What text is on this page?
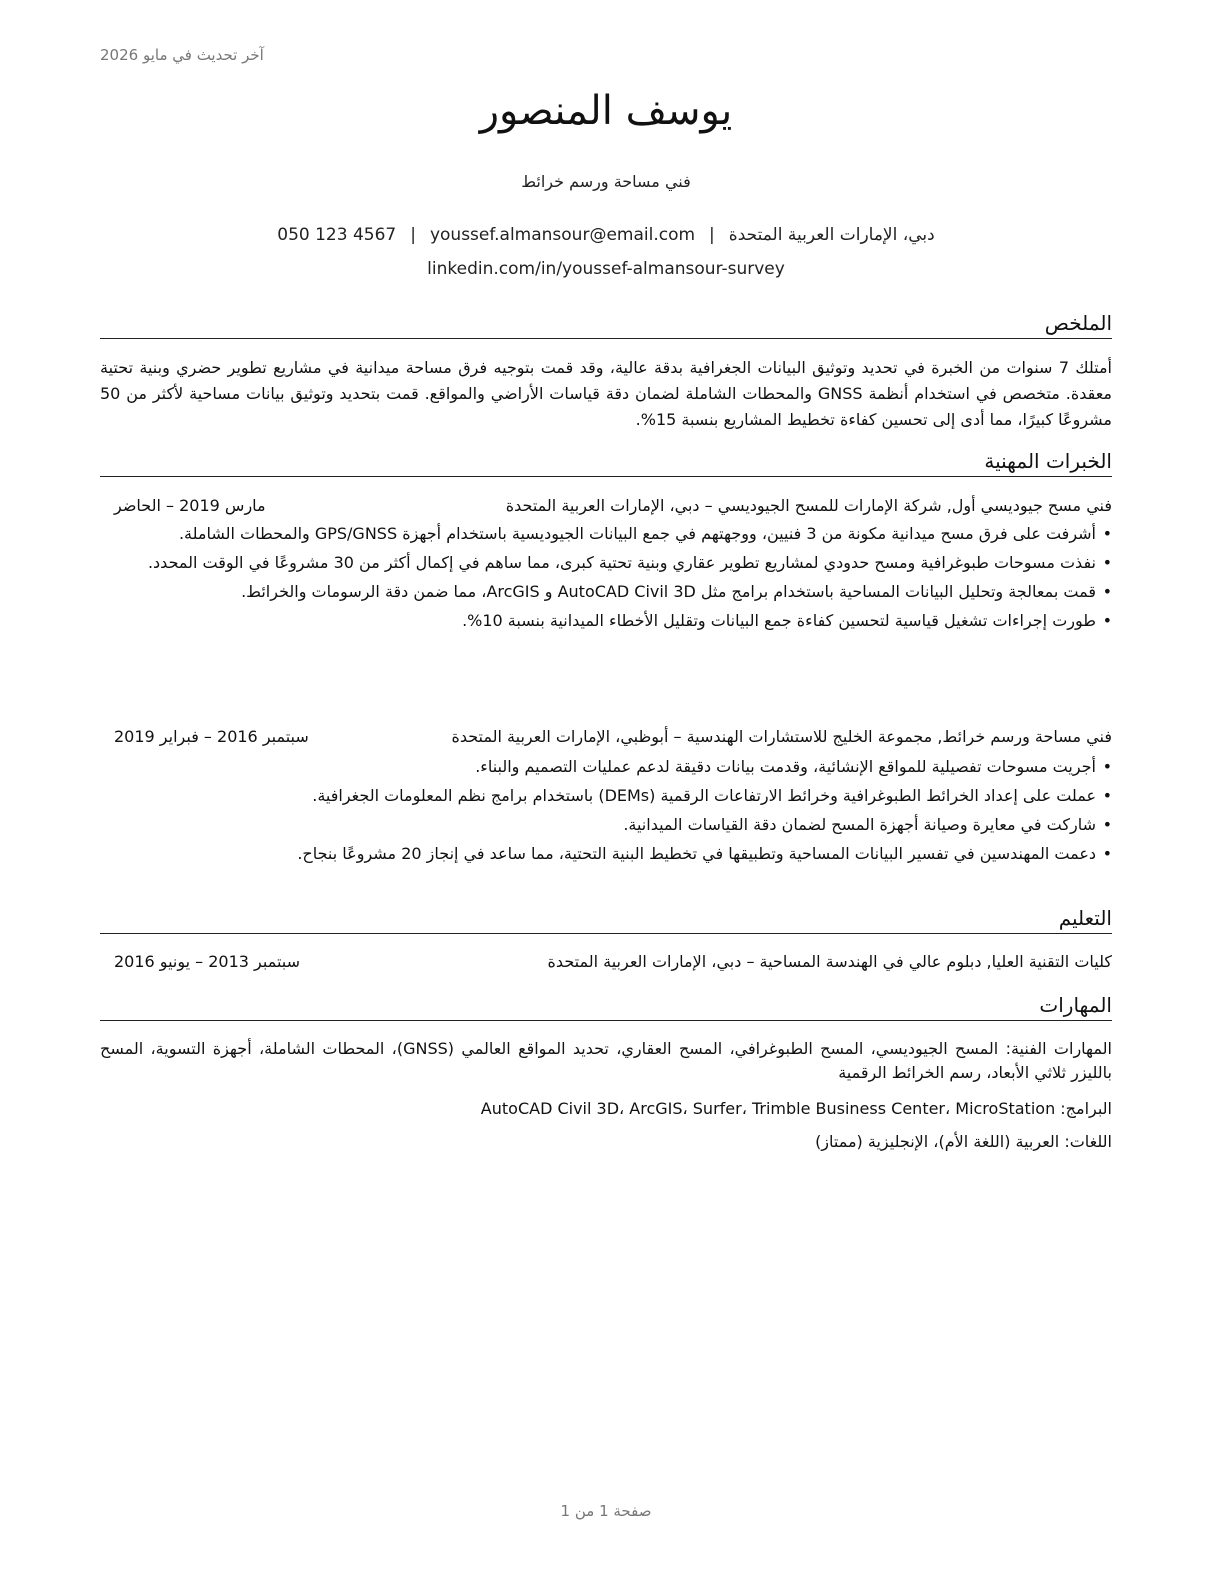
آخر تحديث في مايو 2026
يوسف المنصور
فني مساحة ورسم خرائط
دبي، الإمارات العربية المتحدة|youssef.almansour@email.com|050 123 4567
linkedin.com/in/youssef-almansour-survey
الملخص
أمتلك 7 سنوات من الخبرة في تحديد وتوثيق البيانات الجغرافية بدقة عالية، وقد قمت بتوجيه فرق مساحة ميدانية في مشاريع تطوير حضري وبنية تحتية معقدة. متخصص في استخدام أنظمة GNSS والمحطات الشاملة لضمان دقة قياسات الأراضي والمواقع. قمت بتحديد وتوثيق بيانات مساحية لأكثر من 50 مشروعًا كبيرًا، مما أدى إلى تحسين كفاءة تخطيط المشاريع بنسبة 15%.
الخبرات المهنية
فني مسح جيوديسي أول, شركة الإمارات للمسح الجيوديسي – دبي، الإمارات العربية المتحدة
مارس 2019 – الحاضر
• أشرفت على فرق مسح ميدانية مكونة من 3 فنيين، ووجهتهم في جمع البيانات الجيوديسية باستخدام أجهزة GPS/GNSS والمحطات الشاملة.
• نفذت مسوحات طبوغرافية ومسح حدودي لمشاريع تطوير عقاري وبنية تحتية كبرى، مما ساهم في إكمال أكثر من 30 مشروعًا في الوقت المحدد.
• قمت بمعالجة وتحليل البيانات المساحية باستخدام برامج مثل AutoCAD Civil 3D و ArcGIS، مما ضمن دقة الرسومات والخرائط.
• طورت إجراءات تشغيل قياسية لتحسين كفاءة جمع البيانات وتقليل الأخطاء الميدانية بنسبة 10%.
فني مساحة ورسم خرائط, مجموعة الخليج للاستشارات الهندسية – أبوظبي، الإمارات العربية المتحدة
سبتمبر 2016 – فبراير 2019
• أجريت مسوحات تفصيلية للمواقع الإنشائية، وقدمت بيانات دقيقة لدعم عمليات التصميم والبناء.
• عملت على إعداد الخرائط الطبوغرافية وخرائط الارتفاعات الرقمية (DEMs) باستخدام برامج نظم المعلومات الجغرافية.
• شاركت في معايرة وصيانة أجهزة المسح لضمان دقة القياسات الميدانية.
• دعمت المهندسين في تفسير البيانات المساحية وتطبيقها في تخطيط البنية التحتية، مما ساعد في إنجاز 20 مشروعًا بنجاح.
التعليم
كليات التقنية العليا, دبلوم عالي في الهندسة المساحية – دبي، الإمارات العربية المتحدة
سبتمبر 2013 – يونيو 2016
المهارات
المهارات الفنية: المسح الجيوديسي، المسح الطبوغرافي، المسح العقاري، تحديد المواقع العالمي (GNSS)، المحطات الشاملة، أجهزة التسوية، المسح بالليزر ثلاثي الأبعاد، رسم الخرائط الرقمية
البرامج: AutoCAD Civil 3D، ArcGIS، Surfer، Trimble Business Center، MicroStation
اللغات: العربية (اللغة الأم)، الإنجليزية (ممتاز)
صفحة 1 من 1
